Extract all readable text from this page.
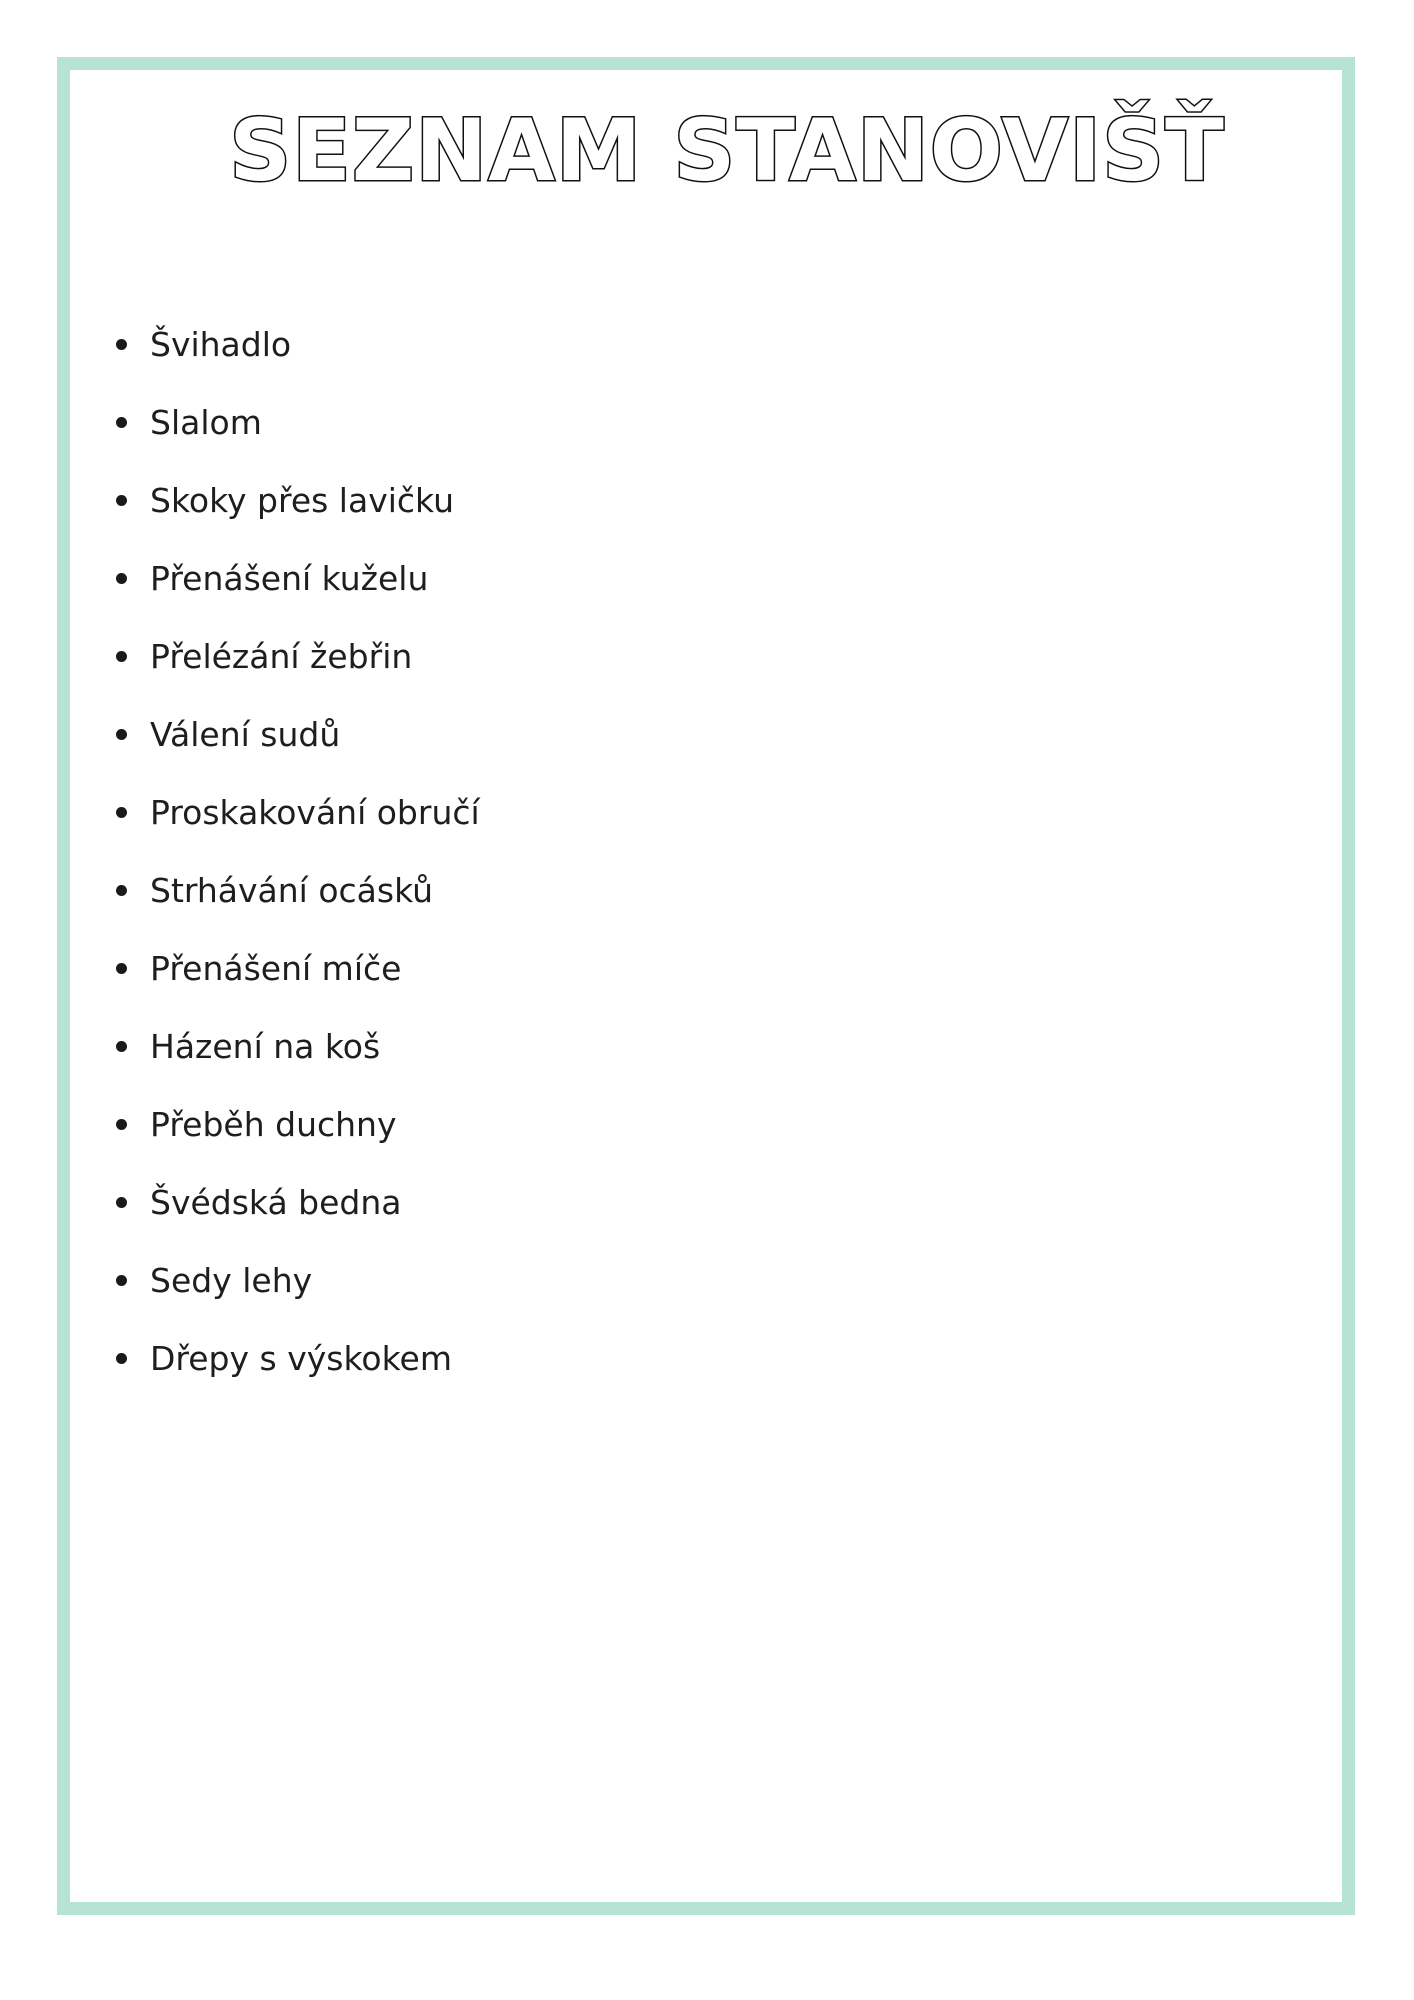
SEZNAM STANOVIŠŤ
Švihadlo
Slalom
Skoky přes lavičku
Přenášení kuželu
Přelézání žebřin
Válení sudů
Proskakování obručí
Strhávání ocásků
Přenášení míče
Házení na koš
Přeběh duchny
Švédská bedna
Sedy lehy
Dřepy s výskokem
